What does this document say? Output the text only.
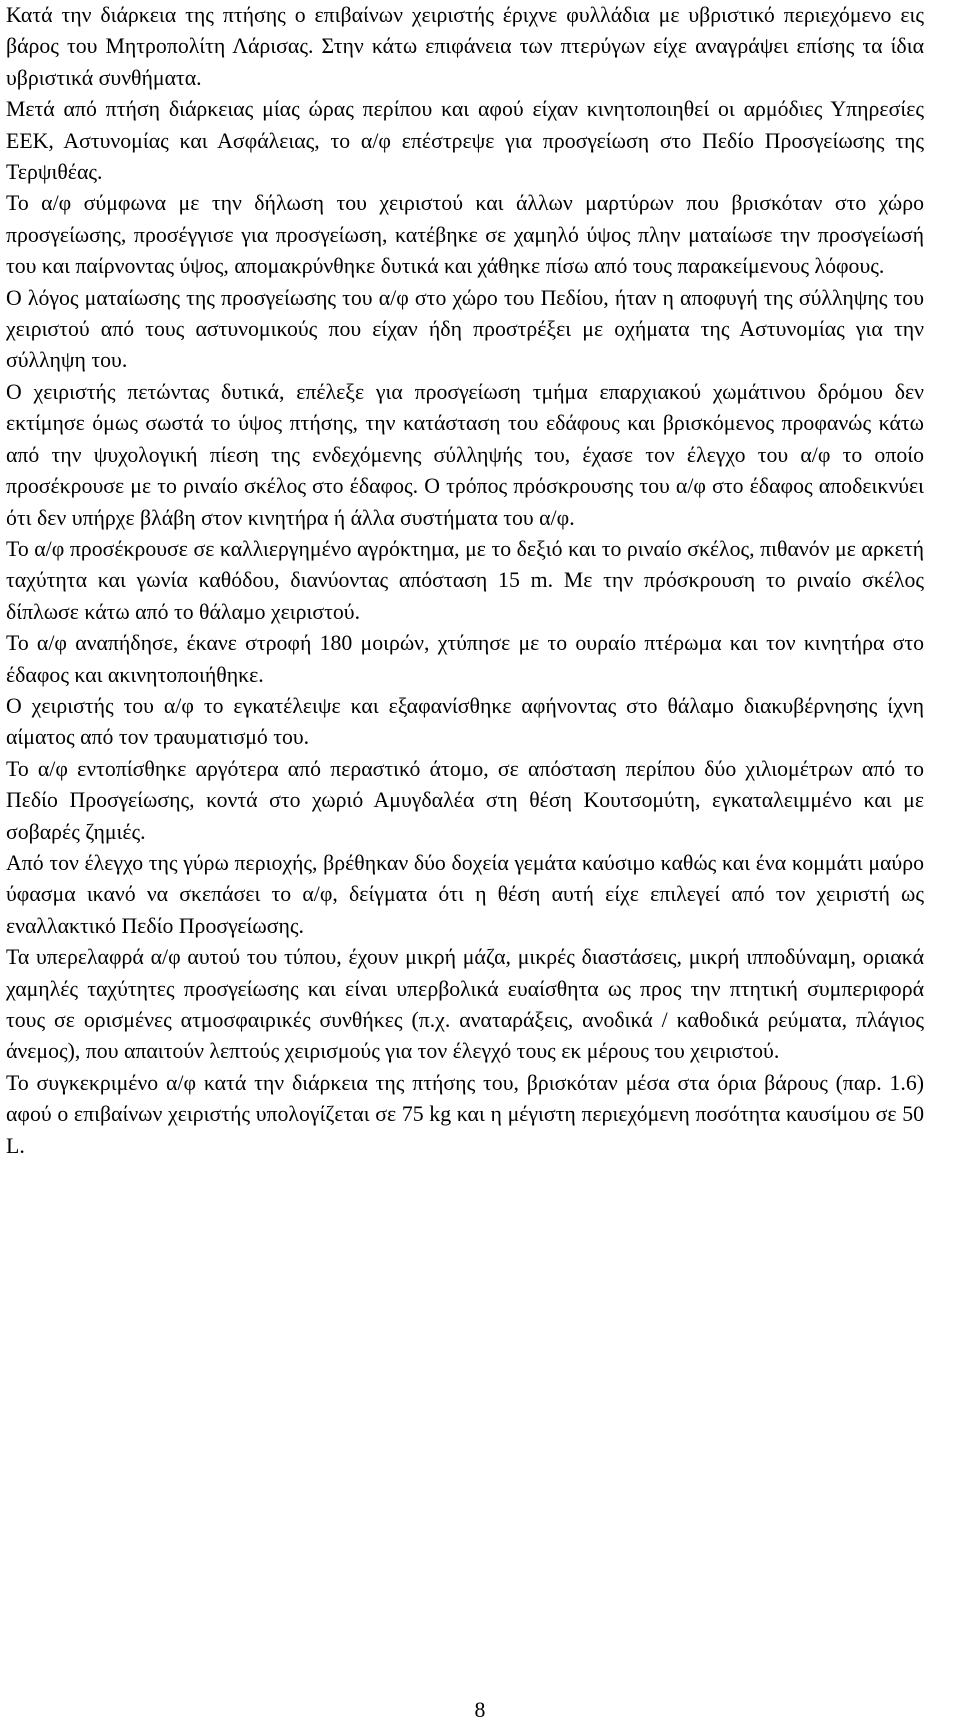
Κατά την διάρκεια της πτήσης ο επιβαίνων χειριστής έριχνε φυλλάδια με υβριστικό περιεχόμενο εις βάρος του Μητροπολίτη Λάρισας. Στην κάτω επιφάνεια των πτερύγων είχε αναγράψει επίσης τα ίδια υβριστικά συνθήματα.

Μετά από πτήση διάρκειας μίας ώρας περίπου και αφού είχαν κινητοποιηθεί οι αρμόδιες Υπηρεσίες ΕΕΚ, Αστυνομίας και Ασφάλειας, το α/φ επέστρεψε για προσγείωση στο Πεδίο Προσγείωσης της Τερψιθέας.

Το α/φ σύμφωνα με την δήλωση του χειριστού και άλλων μαρτύρων που βρισκόταν στο χώρο προσγείωσης, προσέγγισε για προσγείωση, κατέβηκε σε χαμηλό ύψος πλην ματαίωσε την προσγείωσή του και παίρνοντας ύψος, απομακρύνθηκε δυτικά και χάθηκε πίσω από τους παρακείμενους λόφους.

Ο λόγος ματαίωσης της προσγείωσης του α/φ στο χώρο του Πεδίου, ήταν η αποφυγή της σύλληψης του χειριστού από τους αστυνομικούς που είχαν ήδη προστρέξει με οχήματα της Αστυνομίας για την σύλληψη του.

Ο χειριστής πετώντας δυτικά, επέλεξε για προσγείωση τμήμα επαρχιακού χωμάτινου δρόμου δεν εκτίμησε όμως σωστά το ύψος πτήσης, την κατάσταση του εδάφους και βρισκόμενος προφανώς κάτω από την ψυχολογική πίεση της ενδεχόμενης σύλληψής του, έχασε τον έλεγχο του α/φ το οποίο προσέκρουσε με το ριναίο σκέλος στο έδαφος. Ο τρόπος πρόσκρουσης του α/φ στο έδαφος αποδεικνύει ότι δεν υπήρχε βλάβη στον κινητήρα ή άλλα συστήματα του α/φ.

Το α/φ προσέκρουσε σε καλλιεργημένο αγρόκτημα, με το δεξιό και το ριναίο σκέλος, πιθανόν με αρκετή ταχύτητα και γωνία καθόδου, διανύοντας απόσταση 15 m. Με την πρόσκρουση το ριναίο σκέλος δίπλωσε κάτω από το θάλαμο χειριστού.

Το α/φ αναπήδησε, έκανε στροφή 180 μοιρών, χτύπησε με το ουραίο πτέρωμα και τον κινητήρα στο έδαφος και ακινητοποιήθηκε.

Ο χειριστής του α/φ το εγκατέλειψε και εξαφανίσθηκε αφήνοντας στο θάλαμο διακυβέρνησης ίχνη αίματος από τον τραυματισμό του.

Το α/φ εντοπίσθηκε αργότερα από περαστικό άτομο, σε απόσταση περίπου δύο χιλιομέτρων από το Πεδίο Προσγείωσης, κοντά στο χωριό Αμυγδαλέα στη θέση Κουτσομύτη, εγκαταλειμμένο και με σοβαρές ζημιές.

Από τον έλεγχο της γύρω περιοχής, βρέθηκαν δύο δοχεία γεμάτα καύσιμο καθώς και ένα κομμάτι μαύρο ύφασμα ικανό να σκεπάσει το α/φ, δείγματα ότι η θέση αυτή είχε επιλεγεί από τον χειριστή ως εναλλακτικό Πεδίο Προσγείωσης.

Τα υπερελαφρά α/φ αυτού του τύπου, έχουν μικρή μάζα, μικρές διαστάσεις, μικρή ιπποδύναμη, οριακά χαμηλές ταχύτητες προσγείωσης και είναι υπερβολικά ευαίσθητα ως προς την πτητική συμπεριφορά τους σε ορισμένες ατμοσφαιρικές συνθήκες (π.χ. αναταράξεις, ανοδικά / καθοδικά ρεύματα, πλάγιος άνεμος), που απαιτούν λεπτούς χειρισμούς για τον έλεγχό τους εκ μέρους του χειριστού.

Το συγκεκριμένο α/φ κατά την διάρκεια της πτήσης του, βρισκόταν μέσα στα όρια βάρους (παρ. 1.6) αφού ο επιβαίνων χειριστής υπολογίζεται σε 75 kg και η μέγιστη περιεχόμενη ποσότητα καυσίμου σε 50 L.

8
